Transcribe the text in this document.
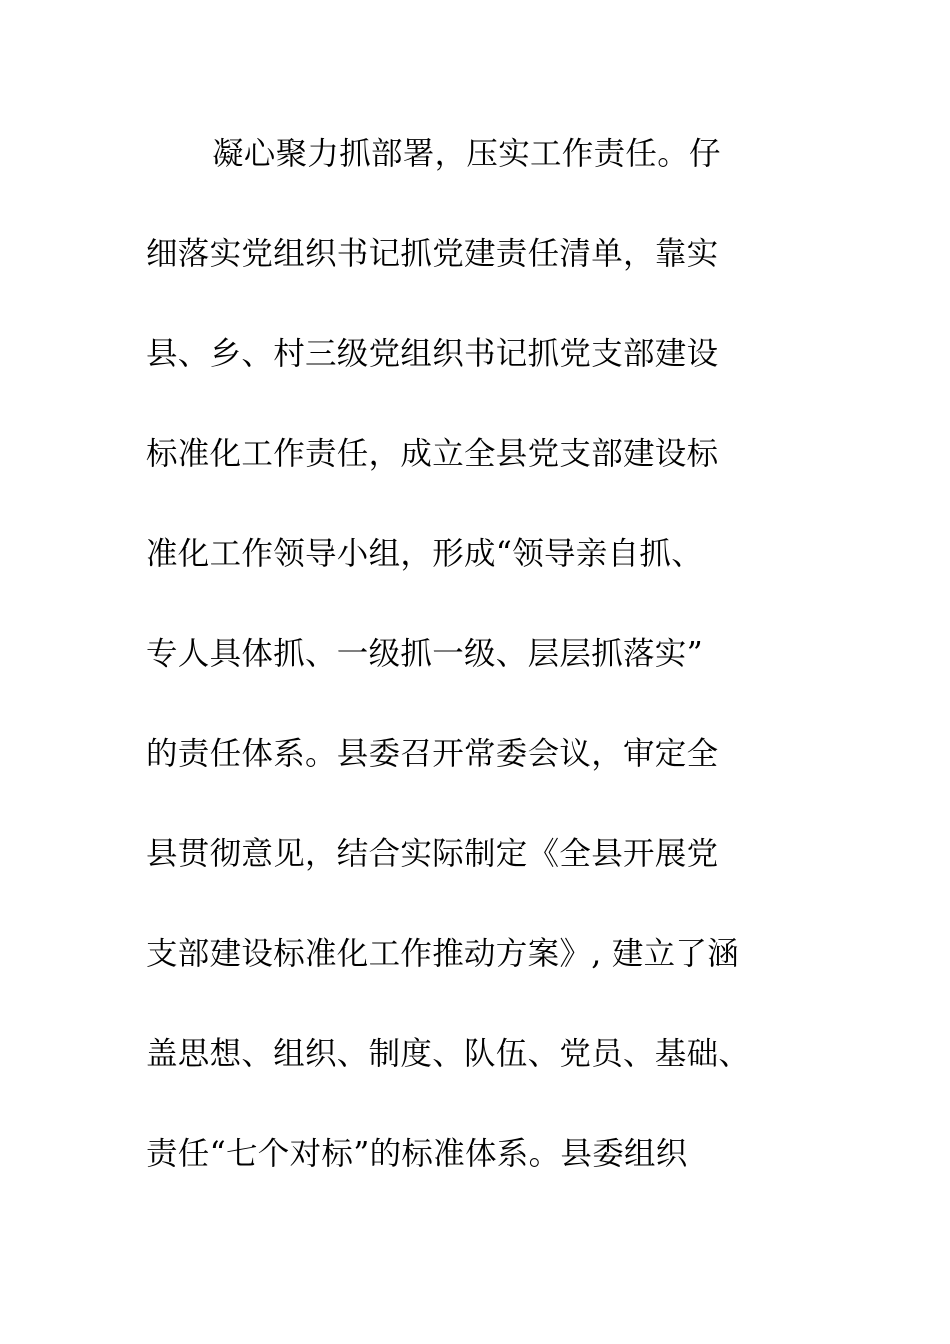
凝心聚力抓部署，压实工作责任。仔
细落实党组织书记抓党建责任清单，靠实
县、乡、村三级党组织书记抓党支部建设
标准化工作责任，成立全县党支部建设标
准化工作领导小组，形成“领导亲自抓、
专人具体抓、一级抓一级、层层抓落实”
的责任体系。县委召开常委会议，审定全
县贯彻意见，结合实际制定《全县开展党
支部建设标准化工作推动方案》, 建立了涵
盖思想、组织、制度、队伍、党员、基础、
责任“七个对标”的标准体系。县委组织
